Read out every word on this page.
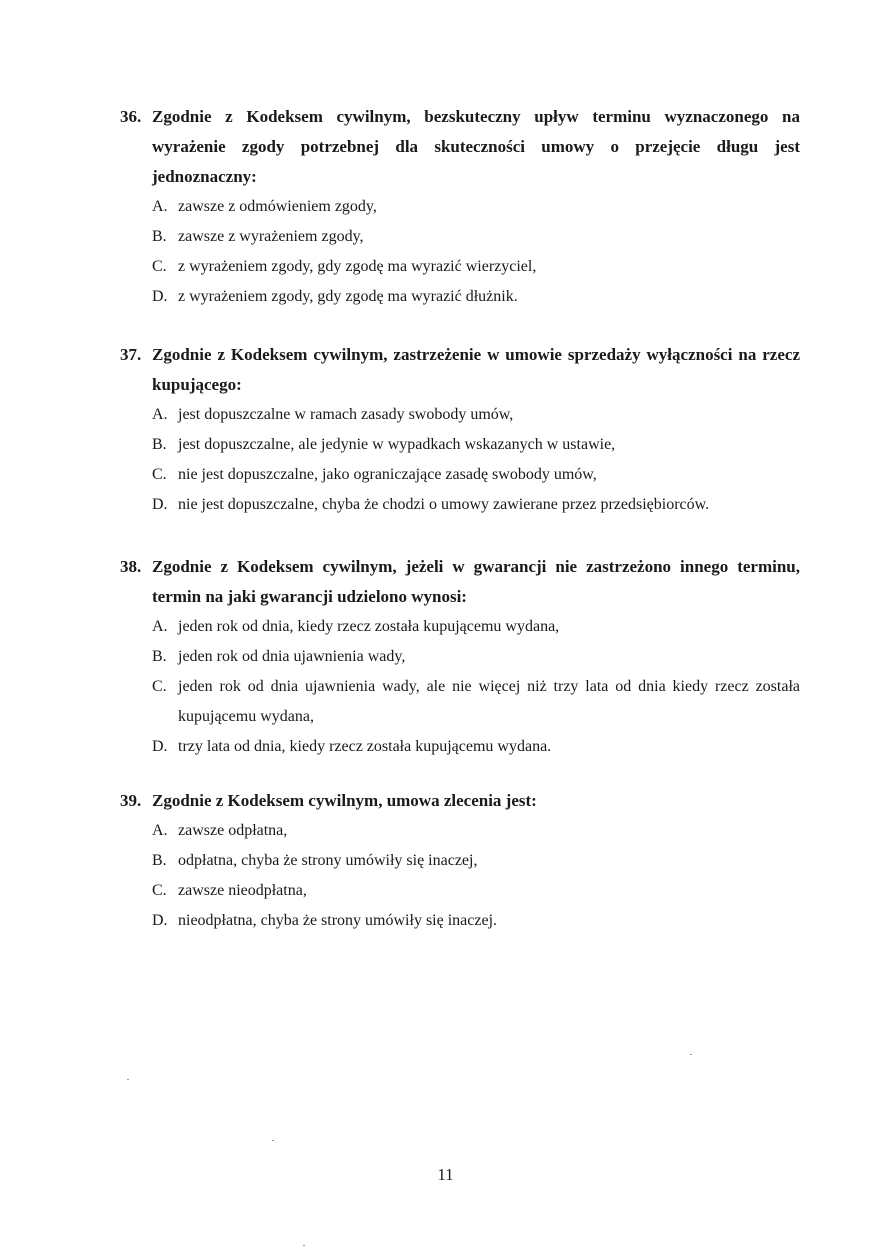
36. Zgodnie z Kodeksem cywilnym, bezskuteczny upływ terminu wyznaczonego na wyrażenie zgody potrzebnej dla skuteczności umowy o przejęcie długu jest jednoznaczny:
A. zawsze z odmówieniem zgody,
B. zawsze z wyrażeniem zgody,
C. z wyrażeniem zgody, gdy zgodę ma wyrazić wierzyciel,
D. z wyrażeniem zgody, gdy zgodę ma wyrazić dłużnik.
37. Zgodnie z Kodeksem cywilnym, zastrzeżenie w umowie sprzedaży wyłączności na rzecz kupującego:
A. jest dopuszczalne w ramach zasady swobody umów,
B. jest dopuszczalne, ale jedynie w wypadkach wskazanych w ustawie,
C. nie jest dopuszczalne, jako ograniczające zasadę swobody umów,
D. nie jest dopuszczalne, chyba że chodzi o umowy zawierane przez przedsiębiorców.
38. Zgodnie z Kodeksem cywilnym, jeżeli w gwarancji nie zastrzeżono innego terminu, termin na jaki gwarancji udzielono wynosi:
A. jeden rok od dnia, kiedy rzecz została kupującemu wydana,
B. jeden rok od dnia ujawnienia wady,
C. jeden rok od dnia ujawnienia wady, ale nie więcej niż trzy lata od dnia kiedy rzecz została kupującemu wydana,
D. trzy lata od dnia, kiedy rzecz została kupującemu wydana.
39. Zgodnie z Kodeksem cywilnym, umowa zlecenia jest:
A. zawsze odpłatna,
B. odpłatna, chyba że strony umówiły się inaczej,
C. zawsze nieodpłatna,
D. nieodpłatna, chyba że strony umówiły się inaczej.
11
